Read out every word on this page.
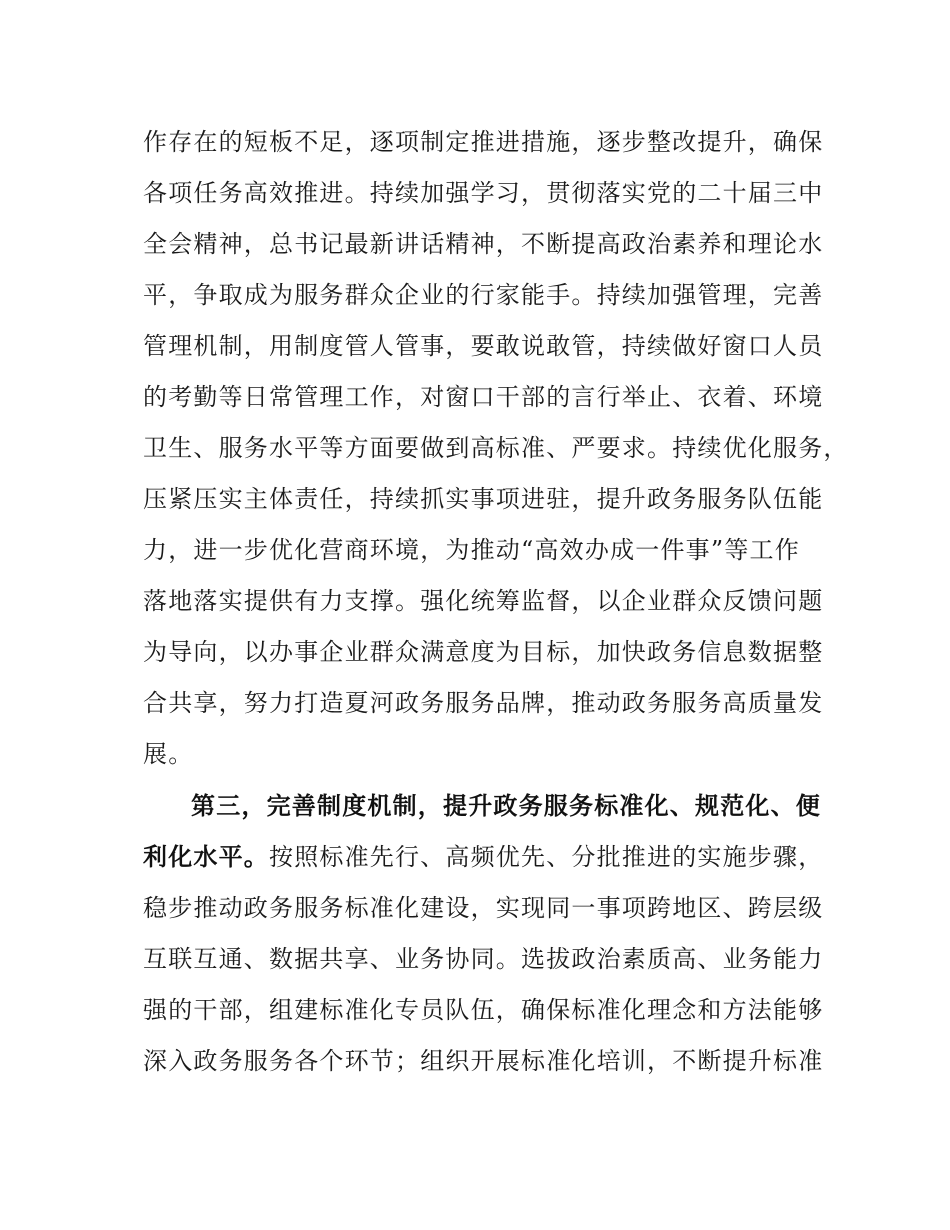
作存在的短板不足，逐项制定推进措施，逐步整改提升，确保
各项任务高效推进。持续加强学习，贯彻落实党的二十届三中
全会精神，总书记最新讲话精神，不断提高政治素养和理论水
平，争取成为服务群众企业的行家能手。持续加强管理，完善
管理机制，用制度管人管事，要敢说敢管，持续做好窗口人员
的考勤等日常管理工作，对窗口干部的言行举止、衣着、环境
卫生、服务水平等方面要做到高标准、严要求。持续优化服务，
压紧压实主体责任，持续抓实事项进驻，提升政务服务队伍能
力，进一步优化营商环境，为推动“高效办成一件事”等工作
落地落实提供有力支撑。强化统筹监督，以企业群众反馈问题
为导向，以办事企业群众满意度为目标，加快政务信息数据整
合共享，努力打造夏河政务服务品牌，推动政务服务高质量发
展。
第三，完善制度机制，提升政务服务标准化、规范化、便
利化水平。按照标准先行、高频优先、分批推进的实施步骤，
稳步推动政务服务标准化建设，实现同一事项跨地区、跨层级
互联互通、数据共享、业务协同。选拔政治素质高、业务能力
强的干部，组建标准化专员队伍，确保标准化理念和方法能够
深入政务服务各个环节；组织开展标准化培训，不断提升标准
